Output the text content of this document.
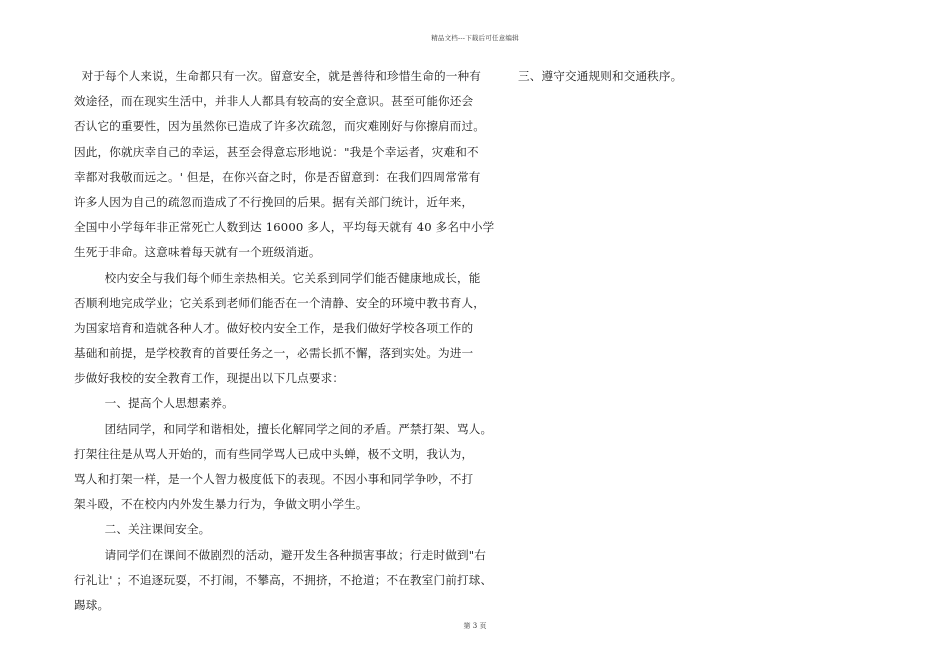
精品文档---下载后可任意编辑
对于每个人来说，生命都只有一次。留意安全，就是善待和珍惜生命的一种有
效途径，而在现实生活中，并非人人都具有较高的安全意识。甚至可能你还会
否认它的重要性，因为虽然你已造成了许多次疏忽，而灾难刚好与你擦肩而过。
因此，你就庆幸自己的幸运，甚至会得意忘形地说："我是个幸运者，灾难和不
幸都对我敬而远之。' 但是，在你兴奋之时，你是否留意到：在我们四周常常有
许多人因为自己的疏忽而造成了不行挽回的后果。据有关部门统计，近年来，
全国中小学每年非正常死亡人数到达 16000 多人，平均每天就有 40 多名中小学
生死于非命。这意味着每天就有一个班级消逝。
校内安全与我们每个师生亲热相关。它关系到同学们能否健康地成长，能
否顺利地完成学业；它关系到老师们能否在一个清静、安全的环境中教书育人，
为国家培育和造就各种人才。做好校内安全工作，是我们做好学校各项工作的
基础和前提，是学校教育的首要任务之一，必需长抓不懈，落到实处。为进一
步做好我校的安全教育工作，现提出以下几点要求：
一、提高个人思想素养。
团结同学，和同学和谐相处，擅长化解同学之间的矛盾。严禁打架、骂人。
打架往往是从骂人开始的，而有些同学骂人已成中头蝉，极不文明，我认为，
骂人和打架一样，是一个人智力极度低下的表现。不因小事和同学争吵，不打
架斗殴，不在校内内外发生暴力行为，争做文明小学生。
二、关注课间安全。
请同学们在课间不做剧烈的活动，避开发生各种损害事故；行走时做到"右
行礼让' ；不追逐玩耍，不打闹，不攀高，不拥挤，不抢道；不在教室门前打球、
踢球。
三、遵守交通规则和交通秩序。
第 3 页
